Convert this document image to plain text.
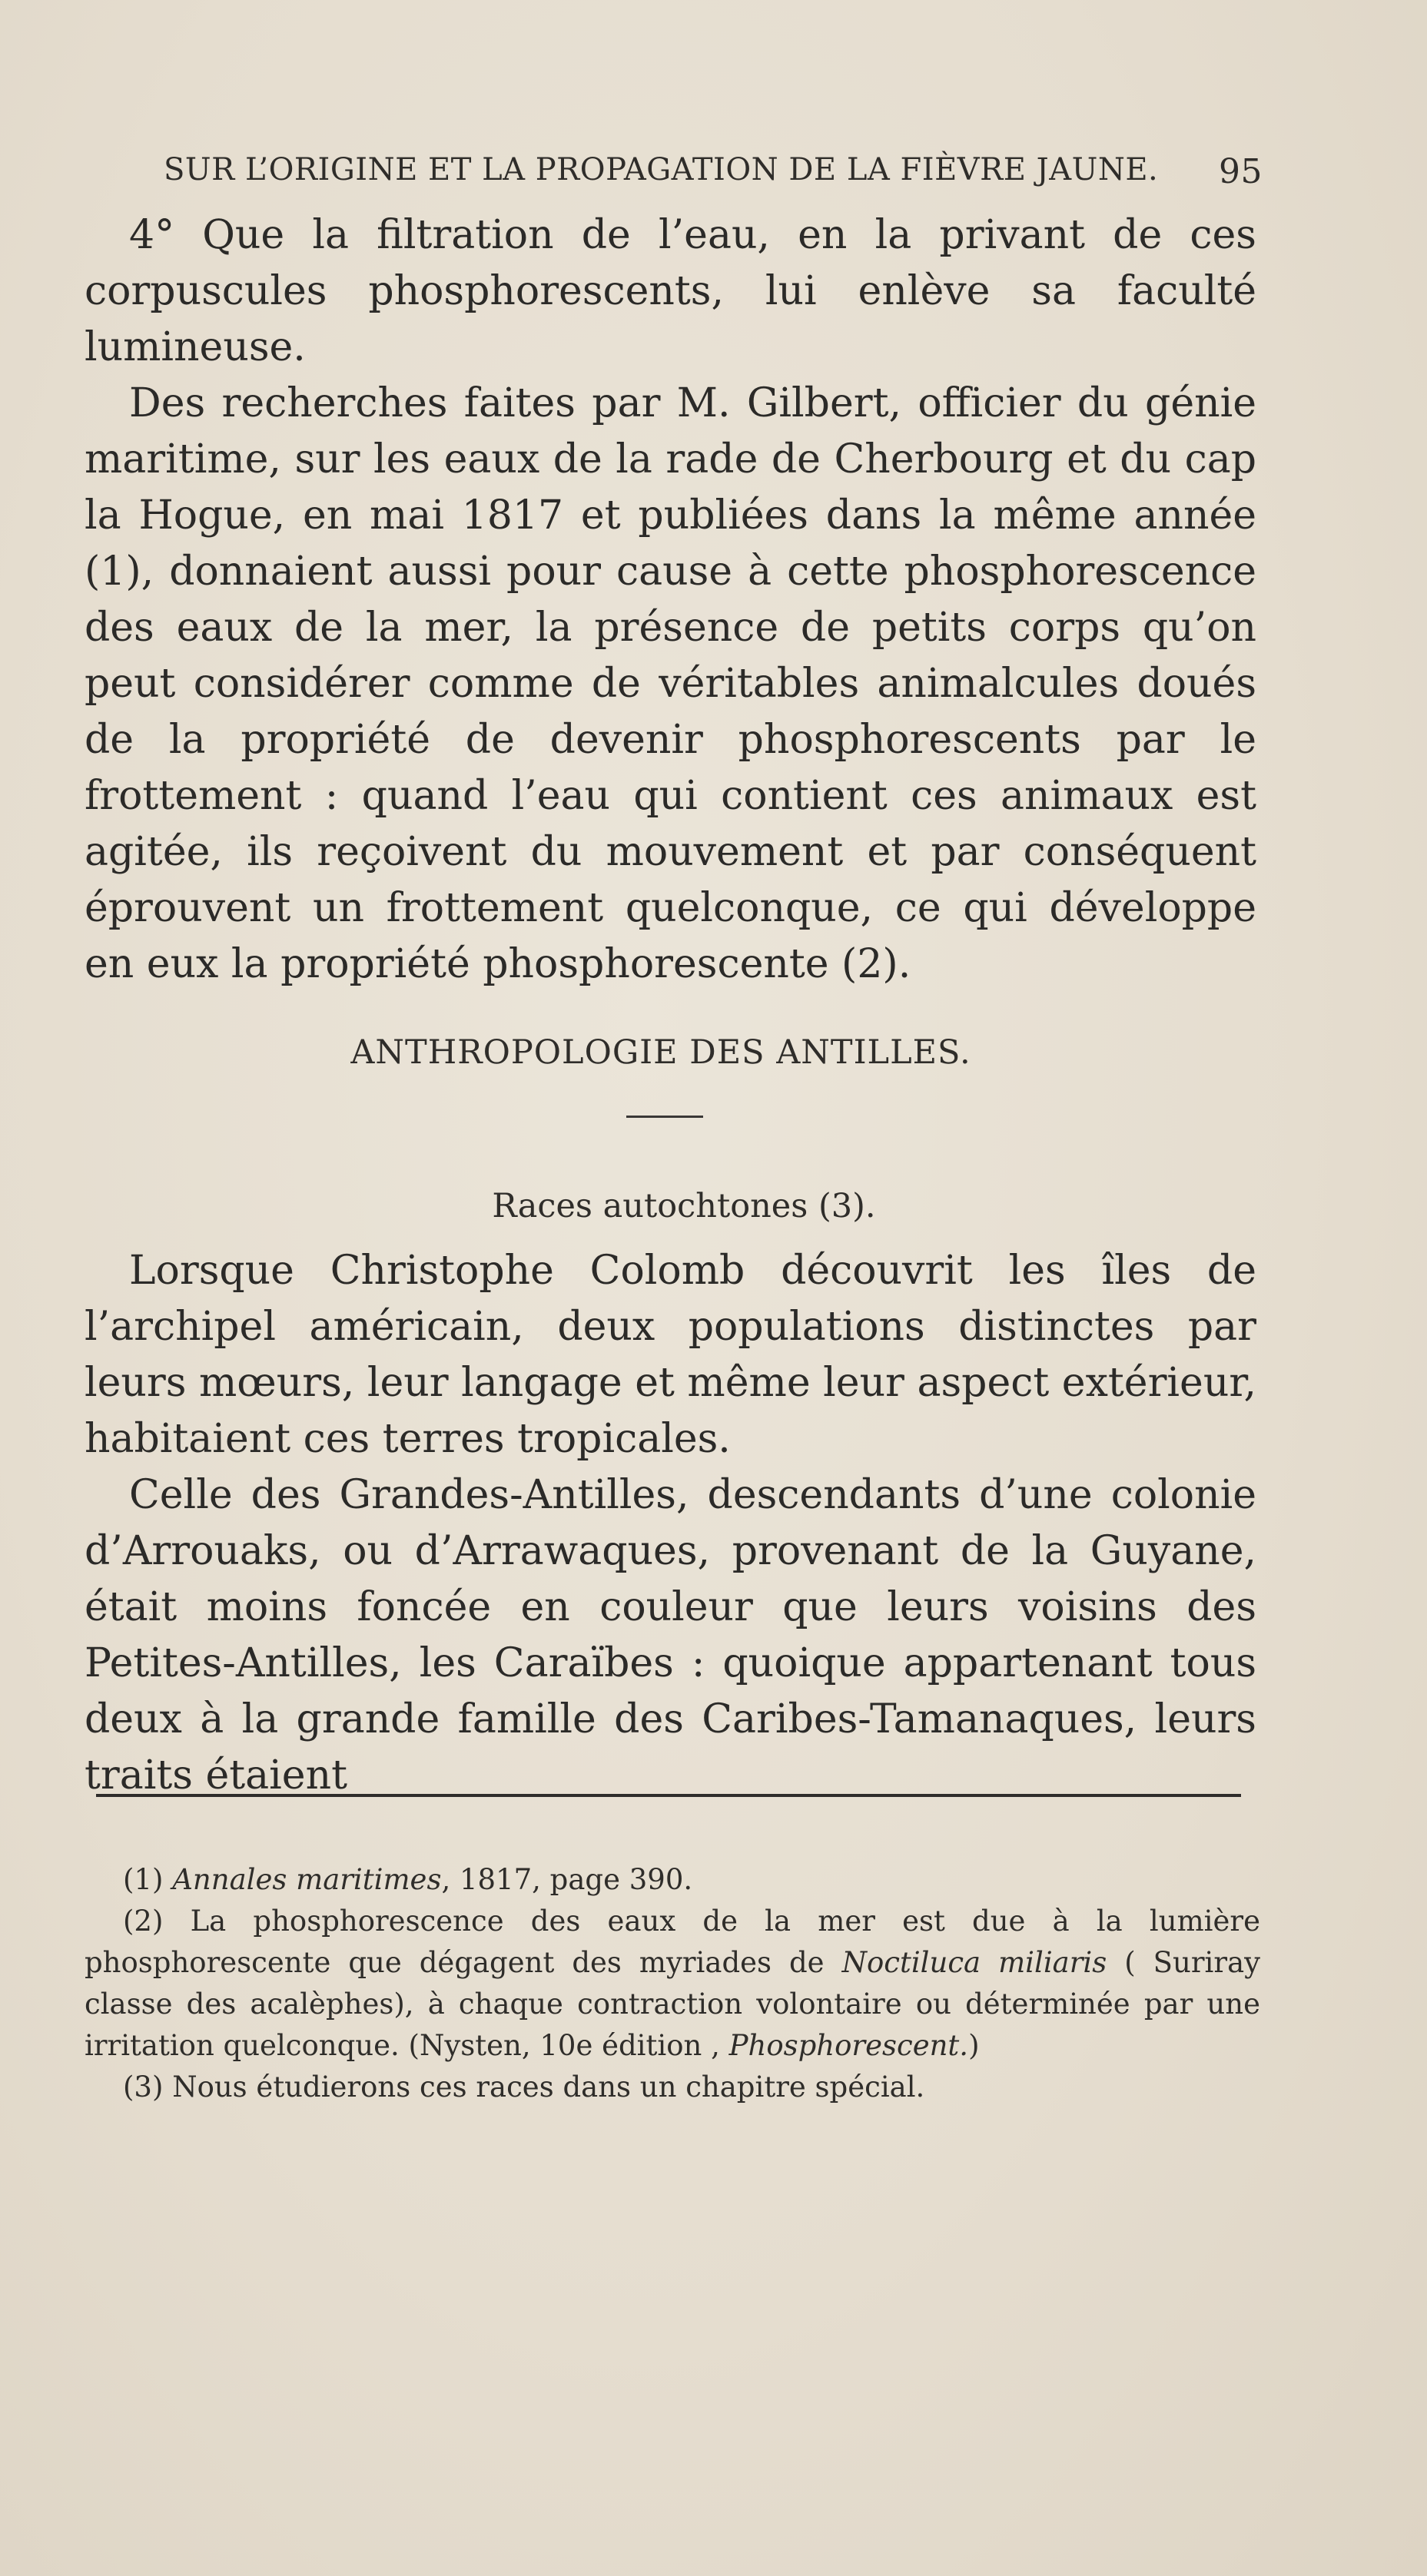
SUR L’ORIGINE ET LA PROPAGATION DE LA FIÈVRE JAUNE. 95

4° Que la filtration de l’eau, en la privant de ces corpuscules phosphorescents, lui enlève sa faculté lumineuse.

Des recherches faites par M. Gilbert, officier du génie maritime, sur les eaux de la rade de Cherbourg et du cap la Hogue, en mai 1817 et publiées dans la même année (1), donnaient aussi pour cause à cette phosphorescence des eaux de la mer, la présence de petits corps qu’on peut considérer comme de véritables animalcules doués de la propriété de devenir phosphorescents par le frottement : quand l’eau qui contient ces animaux est agitée, ils reçoivent du mouvement et par conséquent éprouvent un frottement quelconque, ce qui développe en eux la propriété phosphorescente (2).

ANTHROPOLOGIE DES ANTILLES.
Races autochtones (3).

Lorsque Christophe Colomb découvrit les îles de l’archipel américain, deux populations distinctes par leurs mœurs, leur langage et même leur aspect extérieur, habitaient ces terres tropicales.

Celle des Grandes-Antilles, descendants d’une colonie d’Arrouaks, ou d’Arrawaques, provenant de la Guyane, était moins foncée en couleur que leurs voisins des Petites-Antilles, les Caraïbes : quoique appartenant tous deux à la grande famille des Caribes-Tamanaques, leurs traits étaient

(1) Annales maritimes, 1817, page 390.

(2) La phosphorescence des eaux de la mer est due à la lumière phosphorescente que dégagent des myriades de Noctiluca miliaris ( Suriray classe des acalèphes), à chaque contraction volontaire ou déterminée par une irritation quelconque. (Nysten, 10e édition , Phosphorescent.)

(3) Nous étudierons ces races dans un chapitre spécial.
